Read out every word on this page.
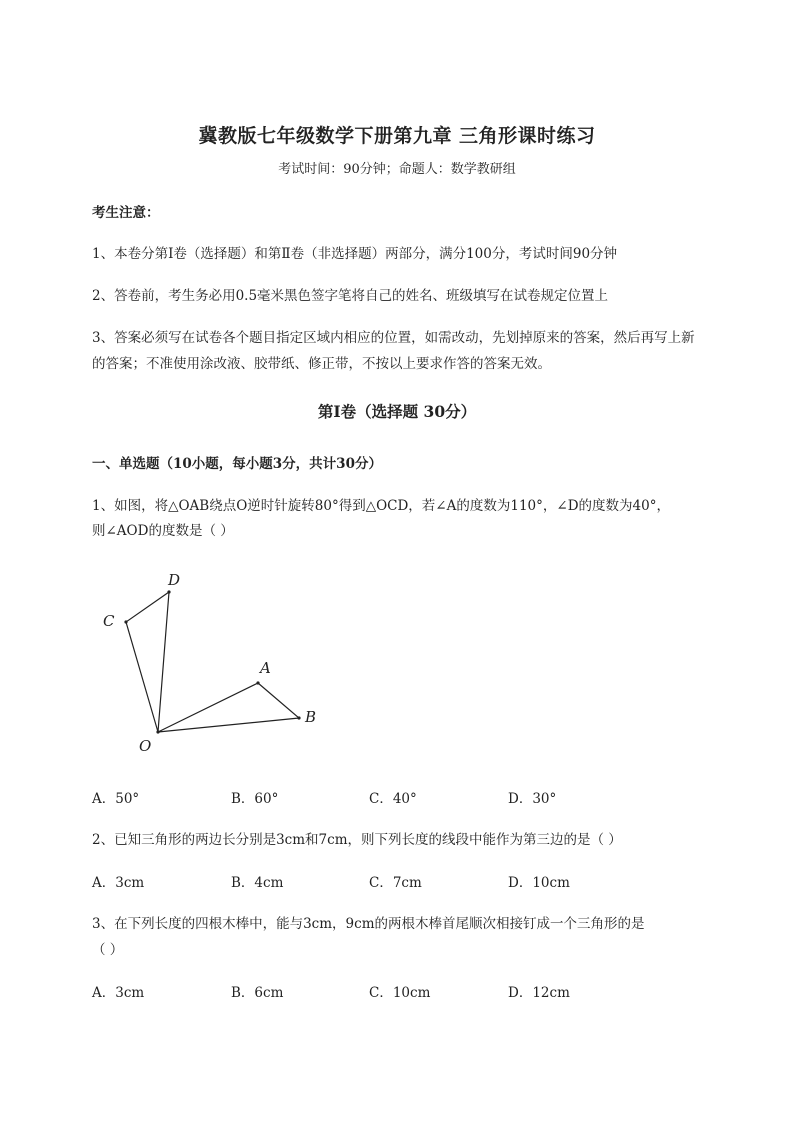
冀教版七年级数学下册第九章 三角形课时练习
考试时间：90分钟；命题人：数学教研组
考生注意：
1、本卷分第I卷（选择题）和第Ⅱ卷（非选择题）两部分，满分100分，考试时间90分钟
2、答卷前，考生务必用0.5毫米黑色签字笔将自己的姓名、班级填写在试卷规定位置上
3、答案必须写在试卷各个题目指定区域内相应的位置，如需改动，先划掉原来的答案，然后再写上新
的答案；不准使用涂改液、胶带纸、修正带，不按以上要求作答的答案无效。
第I卷（选择题 30分）
一、单选题（10小题，每小题3分，共计30分）
1、如图，将△OAB绕点O逆时针旋转80°得到△OCD，若∠A的度数为110°，∠D的度数为40°，
则∠AOD的度数是（ ）
D
C
A
B
O
A．50°	B．60°	C．40°	D．30°
2、已知三角形的两边长分别是3cm和7cm，则下列长度的线段中能作为第三边的是（ ）
A．3cm	B．4cm	C．7cm	D．10cm
3、在下列长度的四根木棒中，能与3cm，9cm的两根木棒首尾顺次相接钉成一个三角形的是
（ ）
A．3cm	B．6cm	C．10cm	D．12cm
